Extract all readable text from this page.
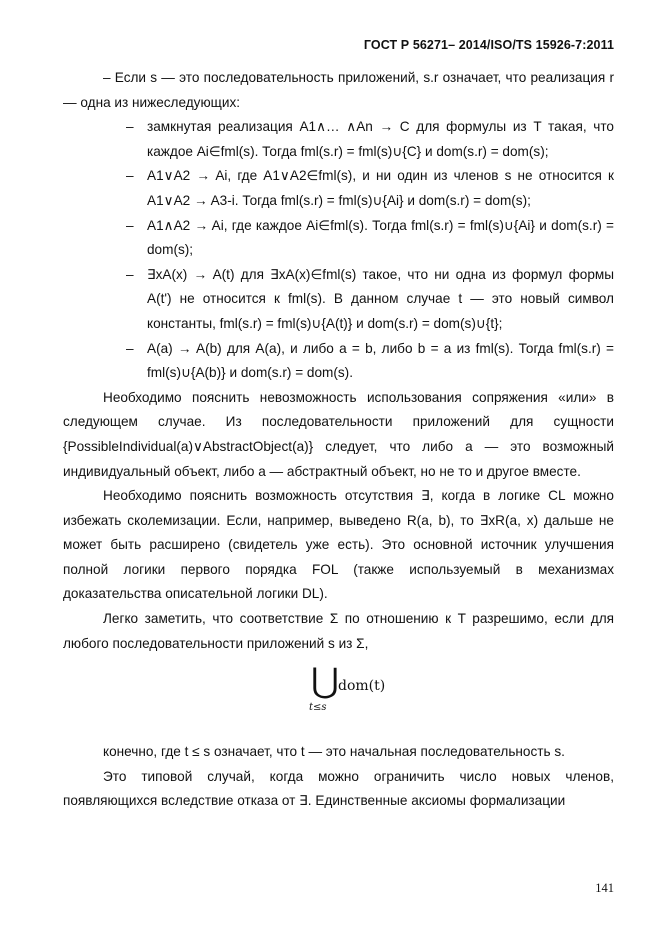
ГОСТ Р 56271– 2014/ISO/TS 15926-7:2011

– Если s — это последовательность приложений, s.r означает, что реализация r — одна из нижеследующих:

– замкнутая реализация A1∧… ∧An → C для формулы из T такая, что каждое Ai∈fml(s). Тогда fml(s.r) = fml(s)∪{C} и dom(s.r) = dom(s);

– A1∨A2 → Ai, где A1∨A2∈fml(s), и ни один из членов s не относится к A1∨A2 → A3-i. Тогда fml(s.r) = fml(s)∪{Ai} и dom(s.r) = dom(s);

– A1∧A2 → Ai, где каждое Ai∈fml(s). Тогда fml(s.r) = fml(s)∪{Ai} и dom(s.r) = dom(s);

– ∃xA(x) → A(t) для ∃xA(x)∈fml(s) такое, что ни одна из формул формы A(t') не относится к fml(s). В данном случае t — это новый символ константы, fml(s.r) = fml(s)∪{A(t)} и dom(s.r) = dom(s)∪{t};

– A(a) → A(b) для A(a), и либо a = b, либо b = a из fml(s). Тогда fml(s.r) = fml(s)∪{A(b)} и dom(s.r) = dom(s).

Необходимо пояснить невозможность использования сопряжения «или» в следующем случае. Из последовательности приложений для сущности {PossibleIndividual(a)∨AbstractObject(a)} следует, что либо a — это возможный индивидуальный объект, либо a — абстрактный объект, но не то и другое вместе.

Необходимо пояснить возможность отсутствия ∃, когда в логике CL можно избежать сколемизации. Если, например, выведено R(a, b), то ∃xR(a, x) дальше не может быть расширено (свидетель уже есть). Это основной источник улучшения полной логики первого порядка FOL (также используемый в механизмах доказательства описательной логики DL).

Легко заметить, что соответствие Σ по отношению к T разрешимо, если для любого последовательности приложений s из Σ,

⋃
t≤s
dom(t)

конечно, где t ≤ s означает, что t — это начальная последовательность s.

Это типовой случай, когда можно ограничить число новых членов, появляющихся вследствие отказа от ∃. Единственные аксиомы формализации

141
